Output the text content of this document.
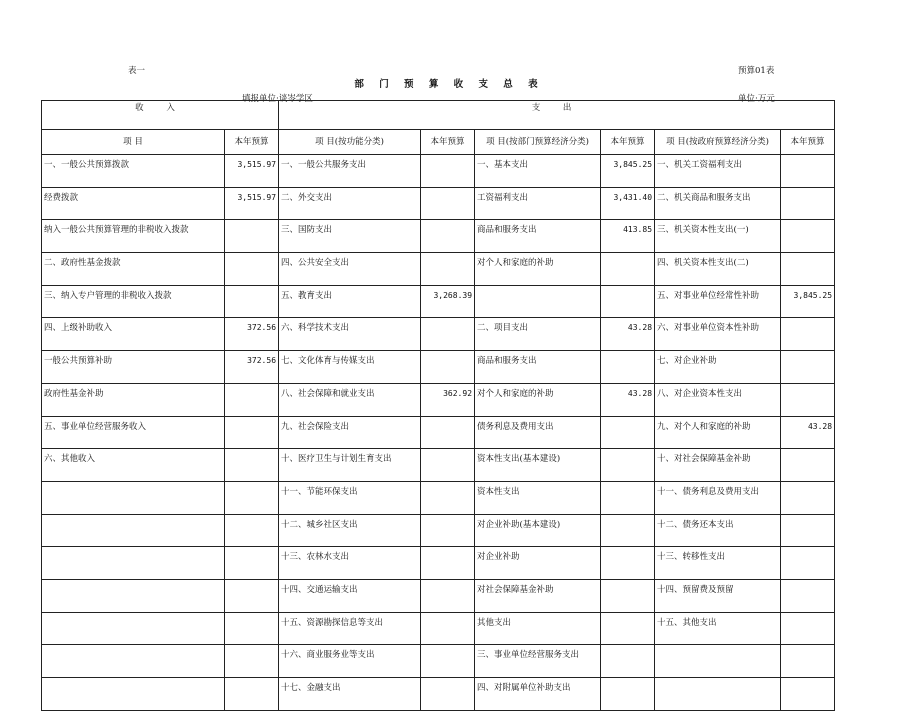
表一	预算01表
部 门 预 算 收 支 总 表
填报单位:谈岑学区	单位:万元
收 入		支 出					
项 目	本年预算	项 目(按功能分类)	本年预算	项 目(按部门预算经济分类)	本年预算	项 目(按政府预算经济分类)	本年预算
一、一般公共预算拨款	3,515.97	一、一般公共服务支出		一、基本支出	3,845.25	一、机关工资福利支出	
经费拨款	3,515.97	二、外交支出		工资福利支出	3,431.40	二、机关商品和服务支出	
纳入一般公共预算管理的非税收入拨款		三、国防支出		商品和服务支出	413.85	三、机关资本性支出(一)	
二、政府性基金拨款		四、公共安全支出		对个人和家庭的补助		四、机关资本性支出(二)	
三、纳入专户管理的非税收入拨款		五、教育支出	3,268.39			五、对事业单位经常性补助	3,845.25
四、上级补助收入	372.56	六、科学技术支出		二、项目支出	43.28	六、对事业单位资本性补助	
一般公共预算补助	372.56	七、文化体育与传媒支出		商品和服务支出		七、对企业补助	
政府性基金补助		八、社会保障和就业支出	362.92	对个人和家庭的补助	43.28	八、对企业资本性支出	
五、事业单位经营服务收入		九、社会保险支出		债务利息及费用支出		九、对个人和家庭的补助	43.28
六、其他收入		十、医疗卫生与计划生育支出		资本性支出(基本建设)		十、对社会保障基金补助	
		十一、节能环保支出		资本性支出		十一、债务利息及费用支出	
		十二、城乡社区支出		对企业补助(基本建设)		十二、债务还本支出	
		十三、农林水支出		对企业补助		十三、转移性支出	
		十四、交通运输支出		对社会保障基金补助		十四、预留费及预留	
		十五、资源勘探信息等支出		其他支出		十五、其他支出	
		十六、商业服务业等支出		三、事业单位经营服务支出			
		十七、金融支出		四、对附属单位补助支出			
